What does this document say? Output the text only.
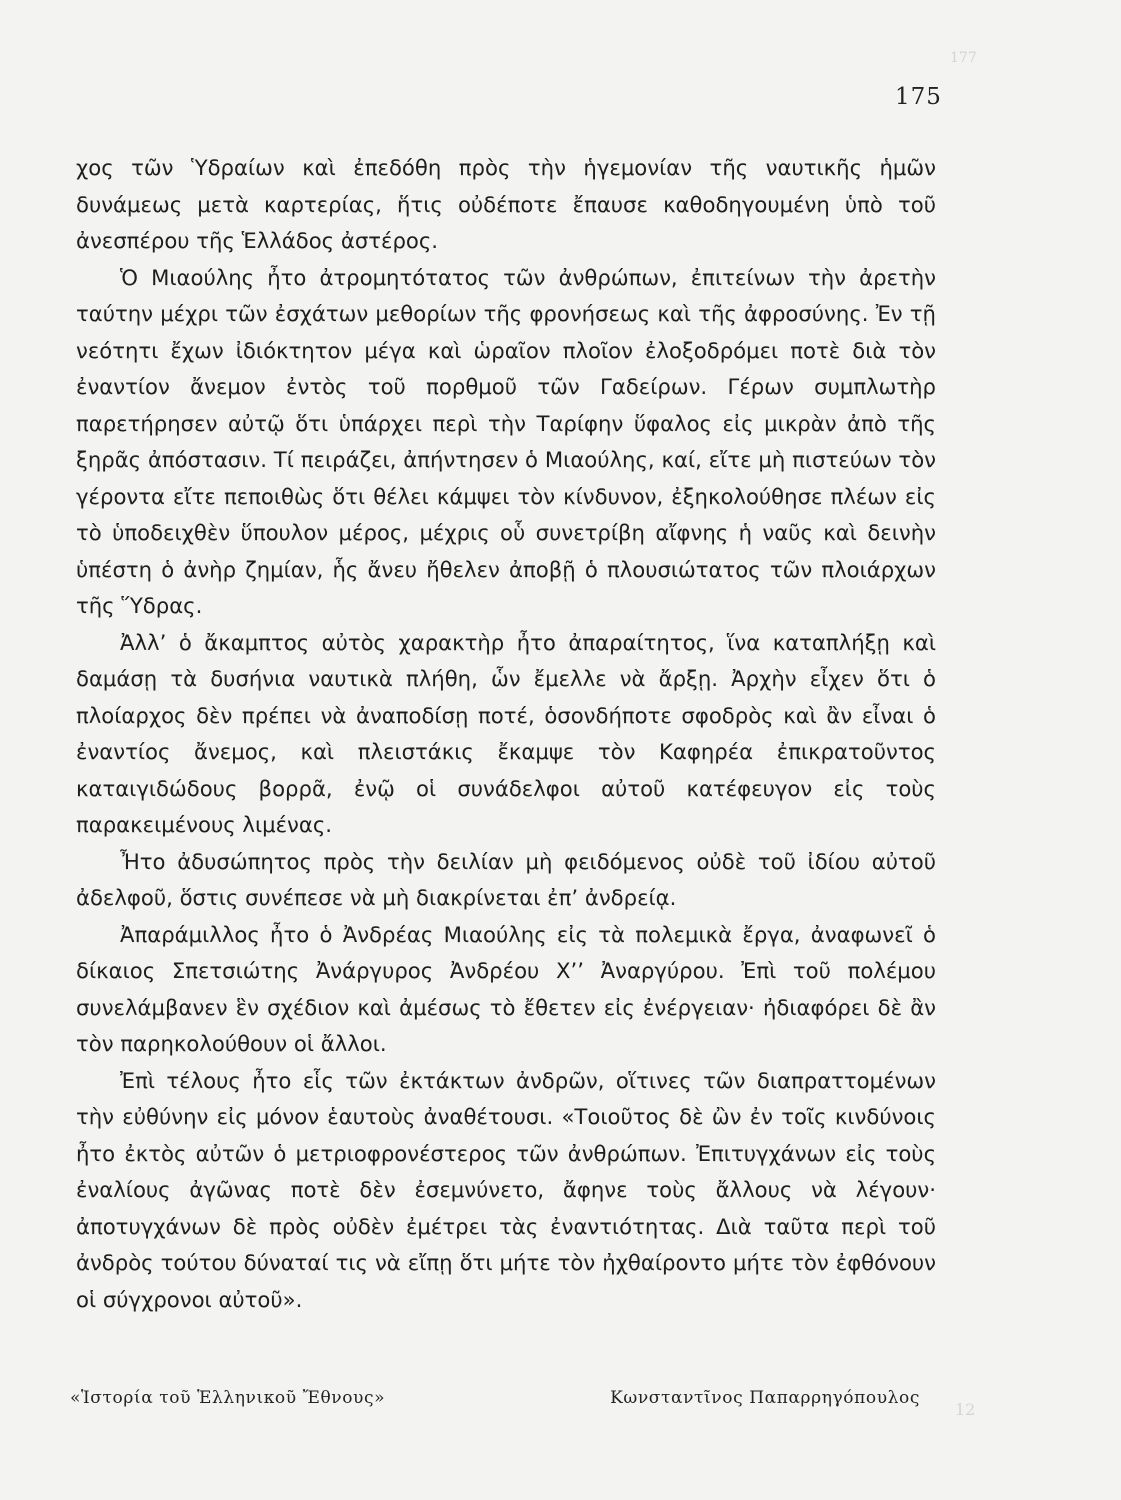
177
175

χος τῶν Ὑδραίων καὶ ἐπεδόθη πρὸς τὴν ἡγεμονίαν τῆς ναυτικῆς ἡμῶν δυνάμεως μετὰ καρτερίας, ἥτις οὐδέποτε ἔπαυσε καθοδηγουμένη ὑπὸ τοῦ ἀνεσπέρου τῆς Ἑλλάδος ἀστέρος.

Ὁ Μιαούλης ἦτο ἀτρομητότατος τῶν ἀνθρώπων, ἐπιτείνων τὴν ἀρετὴν ταύτην μέχρι τῶν ἐσχάτων μεθορίων τῆς φρονήσεως καὶ τῆς ἀφροσύνης. Ἐν τῇ νεότητι ἔχων ἰδιόκτητον μέγα καὶ ὡραῖον πλοῖον ἐλοξοδρόμει ποτὲ διὰ τὸν ἐναντίον ἄνεμον ἐντὸς τοῦ πορθμοῦ τῶν Γαδείρων. Γέρων συμπλωτὴρ παρετήρησεν αὐτῷ ὅτι ὑπάρχει περὶ τὴν Ταρίφην ὕφαλος εἰς μικρὰν ἀπὸ τῆς ξηρᾶς ἀπόστασιν. Τί πειράζει, ἀπήντησεν ὁ Μιαούλης, καί, εἴτε μὴ πιστεύων τὸν γέροντα εἴτε πεποιθὼς ὅτι θέλει κάμψει τὸν κίνδυνον, ἐξηκολούθησε πλέων εἰς τὸ ὑποδειχθὲν ὕπουλον μέρος, μέχρις οὗ συνετρίβη αἴφνης ἡ ναῦς καὶ δεινὴν ὑπέστη ὁ ἀνὴρ ζημίαν, ἧς ἄνευ ἤθελεν ἀποβῇ ὁ πλουσιώτατος τῶν πλοιάρχων τῆς Ὕδρας.

Ἀλλ’ ὁ ἄκαμπτος αὐτὸς χαρακτὴρ ἦτο ἀπαραίτητος, ἵνα καταπλήξῃ καὶ δαμάσῃ τὰ δυσήνια ναυτικὰ πλήθη, ὧν ἔμελλε νὰ ἄρξῃ. Ἀρχὴν εἶχεν ὅτι ὁ πλοίαρχος δὲν πρέπει νὰ ἀναποδίσῃ ποτέ, ὁσονδήποτε σφοδρὸς καὶ ἂν εἶναι ὁ ἐναντίος ἄνεμος, καὶ πλειστάκις ἔκαμψε τὸν Καφηρέα ἐπικρατοῦντος καταιγιδώδους βορρᾶ, ἐνῷ οἱ συνάδελφοι αὐτοῦ κατέφευγον εἰς τοὺς παρακειμένους λιμένας.

Ἦτο ἀδυσώπητος πρὸς τὴν δειλίαν μὴ φειδόμενος οὐδὲ τοῦ ἰδίου αὐτοῦ ἀδελφοῦ, ὅστις συνέπεσε νὰ μὴ διακρίνεται ἐπ’ ἀνδρείᾳ.

Ἀπαράμιλλος ἦτο ὁ Ἀνδρέας Μιαούλης εἰς τὰ πολεμικὰ ἔργα, ἀναφωνεῖ ὁ δίκαιος Σπετσιώτης Ἀνάργυρος Ἀνδρέου Χ’’ Ἀναργύρου. Ἐπὶ τοῦ πολέμου συνελάμβανεν ἓν σχέδιον καὶ ἀμέσως τὸ ἔθετεν εἰς ἐνέργειαν· ἠδιαφόρει δὲ ἂν τὸν παρηκολούθουν οἱ ἄλλοι.

Ἐπὶ τέλους ἦτο εἷς τῶν ἐκτάκτων ἀνδρῶν, οἵτινες τῶν διαπραττομένων τὴν εὐθύνην εἰς μόνον ἑαυτοὺς ἀναθέτουσι. «Τοιοῦτος δὲ ὢν ἐν τοῖς κινδύνοις ἦτο ἐκτὸς αὐτῶν ὁ μετριοφρονέστερος τῶν ἀνθρώπων. Ἐπιτυγχάνων εἰς τοὺς ἐναλίους ἀγῶνας ποτὲ δὲν ἐσεμνύνετο, ἄφηνε τοὺς ἄλλους νὰ λέγουν· ἀποτυγχάνων δὲ πρὸς οὐδὲν ἐμέτρει τὰς ἐναντιότητας. Διὰ ταῦτα περὶ τοῦ ἀνδρὸς τούτου δύναταί τις νὰ εἴπῃ ὅτι μήτε τὸν ἠχθαίροντο μήτε τὸν ἐφθόνουν οἱ σύγχρονοι αὐτοῦ».

«Ἱστορία τοῦ Ἑλληνικοῦ Ἔθνους»	Κωνσταντῖνος Παπαρρηγόπουλος
12
